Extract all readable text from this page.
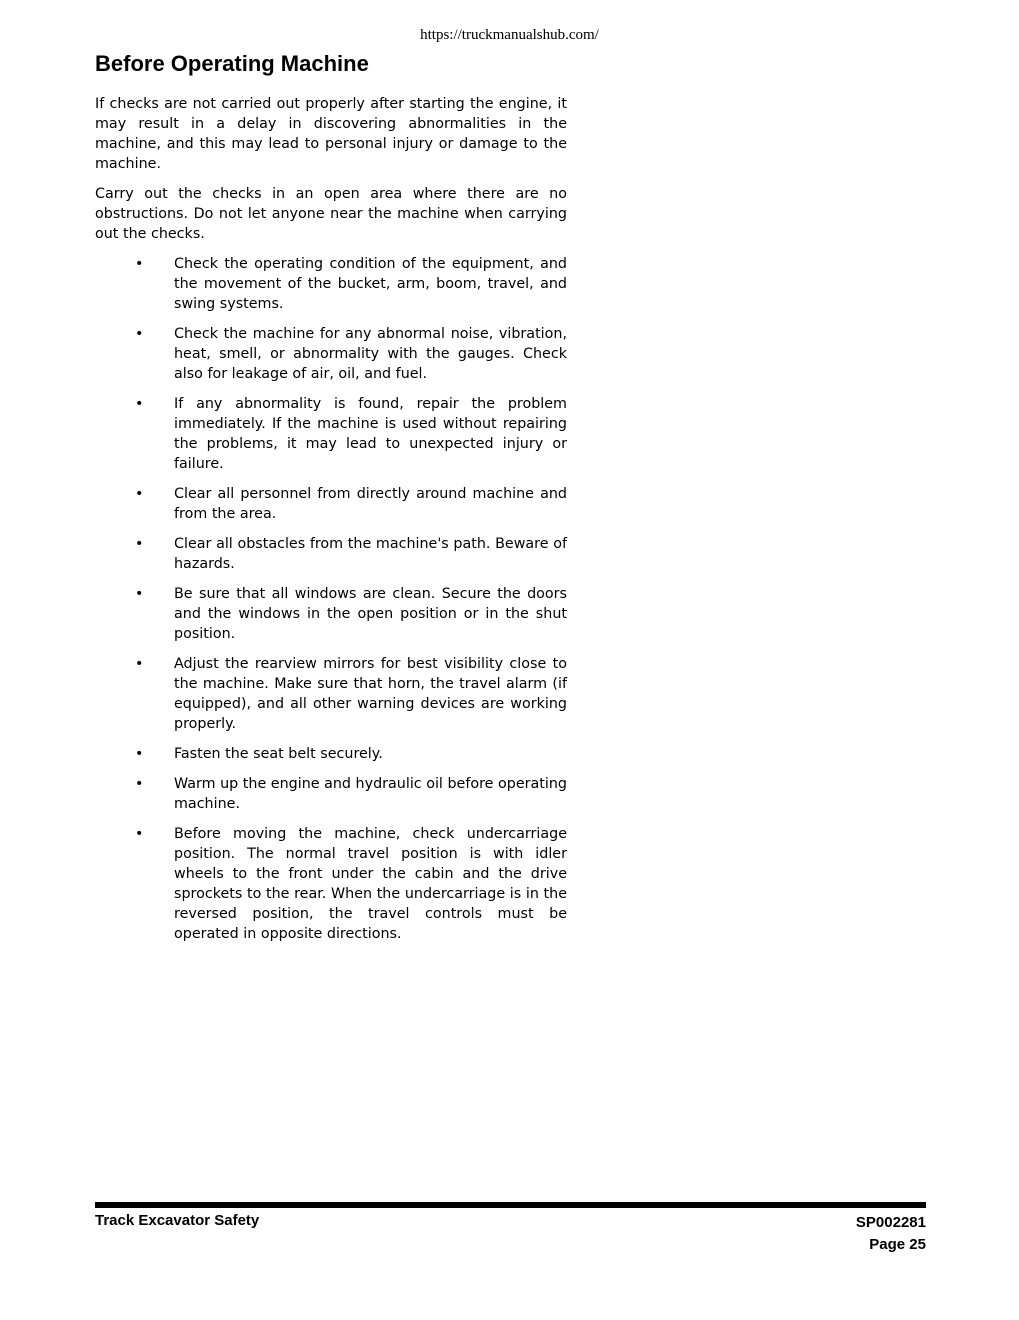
https://truckmanualshub.com/
Before Operating Machine

If checks are not carried out properly after starting the engine, it may result in a delay in discovering abnormalities in the machine, and this may lead to personal injury or damage to the machine.

Carry out the checks in an open area where there are no obstructions. Do not let anyone near the machine when carrying out the checks.

• Check the operating condition of the equipment, and the movement of the bucket, arm, boom, travel, and swing systems.
• Check the machine for any abnormal noise, vibration, heat, smell, or abnormality with the gauges. Check also for leakage of air, oil, and fuel.
• If any abnormality is found, repair the problem immediately. If the machine is used without repairing the problems, it may lead to unexpected injury or failure.
• Clear all personnel from directly around machine and from the area.
• Clear all obstacles from the machine's path. Beware of hazards.
• Be sure that all windows are clean. Secure the doors and the windows in the open position or in the shut position.
• Adjust the rearview mirrors for best visibility close to the machine. Make sure that horn, the travel alarm (if equipped), and all other warning devices are working properly.
• Fasten the seat belt securely.
• Warm up the engine and hydraulic oil before operating machine.
• Before moving the machine, check undercarriage position. The normal travel position is with idler wheels to the front under the cabin and the drive sprockets to the rear. When the undercarriage is in the reversed position, the travel controls must be operated in opposite directions.
Track Excavator Safety	SP002281
Page 25
